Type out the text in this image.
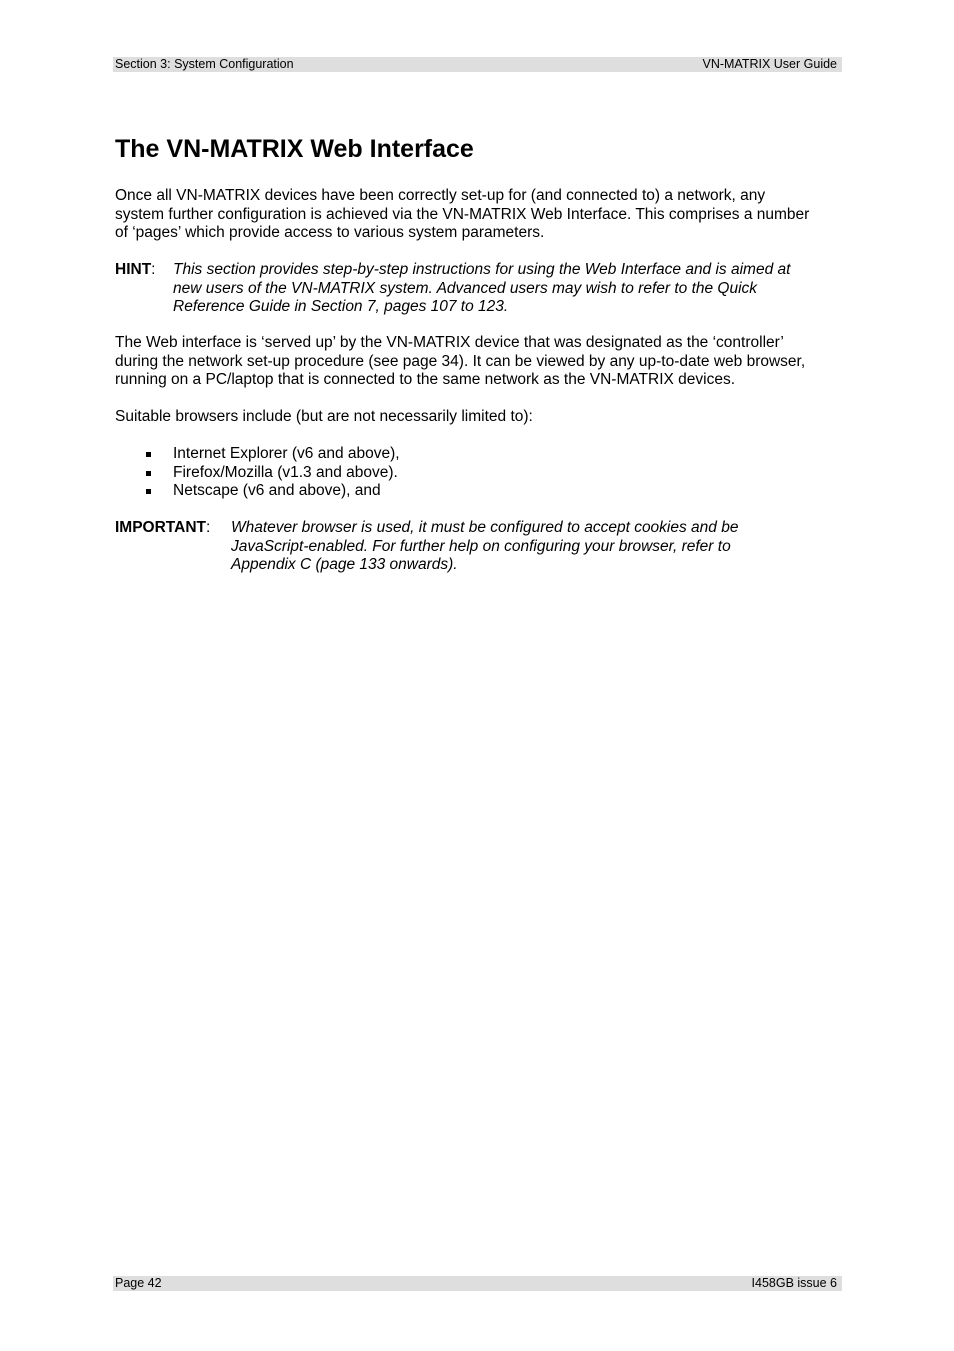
Section 3: System Configuration	VN-MATRIX User Guide
The VN-MATRIX Web Interface

Once all VN-MATRIX devices have been correctly set-up for (and connected to) a network, any
system further configuration is achieved via the VN-MATRIX Web Interface. This comprises a number
of ‘pages’ which provide access to various system parameters.

HINT: This section provides step-by-step instructions for using the Web Interface and is aimed at
new users of the VN-MATRIX system. Advanced users may wish to refer to the Quick
Reference Guide in Section 7, pages 107 to 123.

The Web interface is ‘served up’ by the VN-MATRIX device that was designated as the ‘controller’
during the network set-up procedure (see page 34). It can be viewed by any up-to-date web browser,
running on a PC/laptop that is connected to the same network as the VN-MATRIX devices.

Suitable browsers include (but are not necessarily limited to):

Internet Explorer (v6 and above),
Firefox/Mozilla (v1.3 and above).
Netscape (v6 and above), and
IMPORTANT: Whatever browser is used, it must be configured to accept cookies and be
JavaScript-enabled. For further help on configuring your browser, refer to
Appendix C (page 133 onwards).
Page 42	I458GB issue 6
